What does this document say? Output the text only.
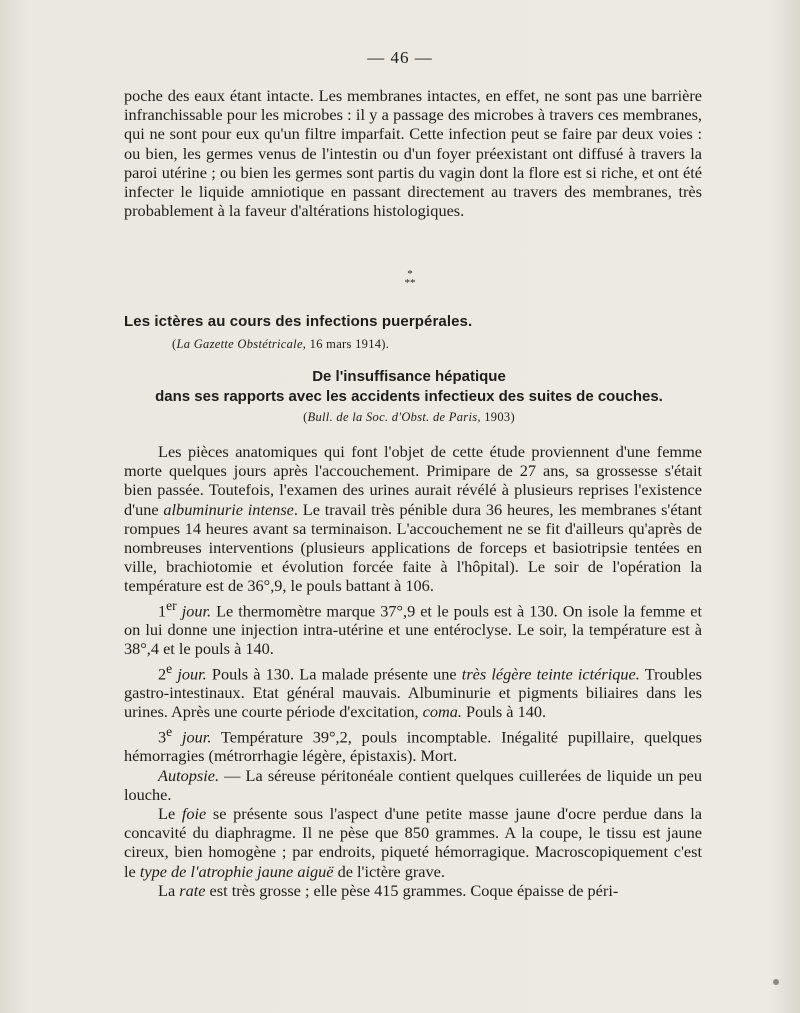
— 46 —

poche des eaux étant intacte. Les membranes intactes, en effet, ne sont pas une barrière infranchissable pour les microbes : il y a passage des microbes à travers ces membranes, qui ne sont pour eux qu'un filtre imparfait. Cette infection peut se faire par deux voies : ou bien, les germes venus de l'intestin ou d'un foyer préexistant ont diffusé à travers la paroi utérine ; ou bien les germes sont partis du vagin dont la flore est si riche, et ont été infecter le liquide amniotique en passant directement au travers des membranes, très probablement à la faveur d'altérations histologiques.

*
**
Les ictères au cours des infections puerpérales.
(La Gazette Obstétricale, 16 mars 1914).
De l'insuffisance hépatique
dans ses rapports avec les accidents infectieux des suites de couches.
(Bull. de la Soc. d'Obst. de Paris, 1903)

Les pièces anatomiques qui font l'objet de cette étude proviennent d'une femme morte quelques jours après l'accouchement. Primipare de 27 ans, sa grossesse s'était bien passée. Toutefois, l'examen des urines aurait révélé à plusieurs reprises l'existence d'une albuminurie intense. Le travail très pénible dura 36 heures, les membranes s'étant rompues 14 heures avant sa terminaison. L'accouchement ne se fit d'ailleurs qu'après de nombreuses interventions (plusieurs applications de forceps et basiotripsie tentées en ville, brachiotomie et évolution forcée faite à l'hôpital). Le soir de l'opération la température est de 36°,9, le pouls battant à 106.

1er jour. Le thermomètre marque 37°,9 et le pouls est à 130. On isole la femme et on lui donne une injection intra-utérine et une entéroclyse. Le soir, la température est à 38°,4 et le pouls à 140.

2e jour. Pouls à 130. La malade présente une très légère teinte ictérique. Troubles gastro-intestinaux. Etat général mauvais. Albuminurie et pigments biliaires dans les urines. Après une courte période d'excitation, coma. Pouls à 140.

3e jour. Température 39°,2, pouls incomptable. Inégalité pupillaire, quelques hémorragies (métrorrhagie légère, épistaxis). Mort.

Autopsie. — La séreuse péritonéale contient quelques cuillerées de liquide un peu louche.

Le foie se présente sous l'aspect d'une petite masse jaune d'ocre perdue dans la concavité du diaphragme. Il ne pèse que 850 grammes. A la coupe, le tissu est jaune cireux, bien homogène ; par endroits, piqueté hémorragique. Macroscopiquement c'est le type de l'atrophie jaune aiguë de l'ictère grave.

La rate est très grosse ; elle pèse 415 grammes. Coque épaisse de péri-
